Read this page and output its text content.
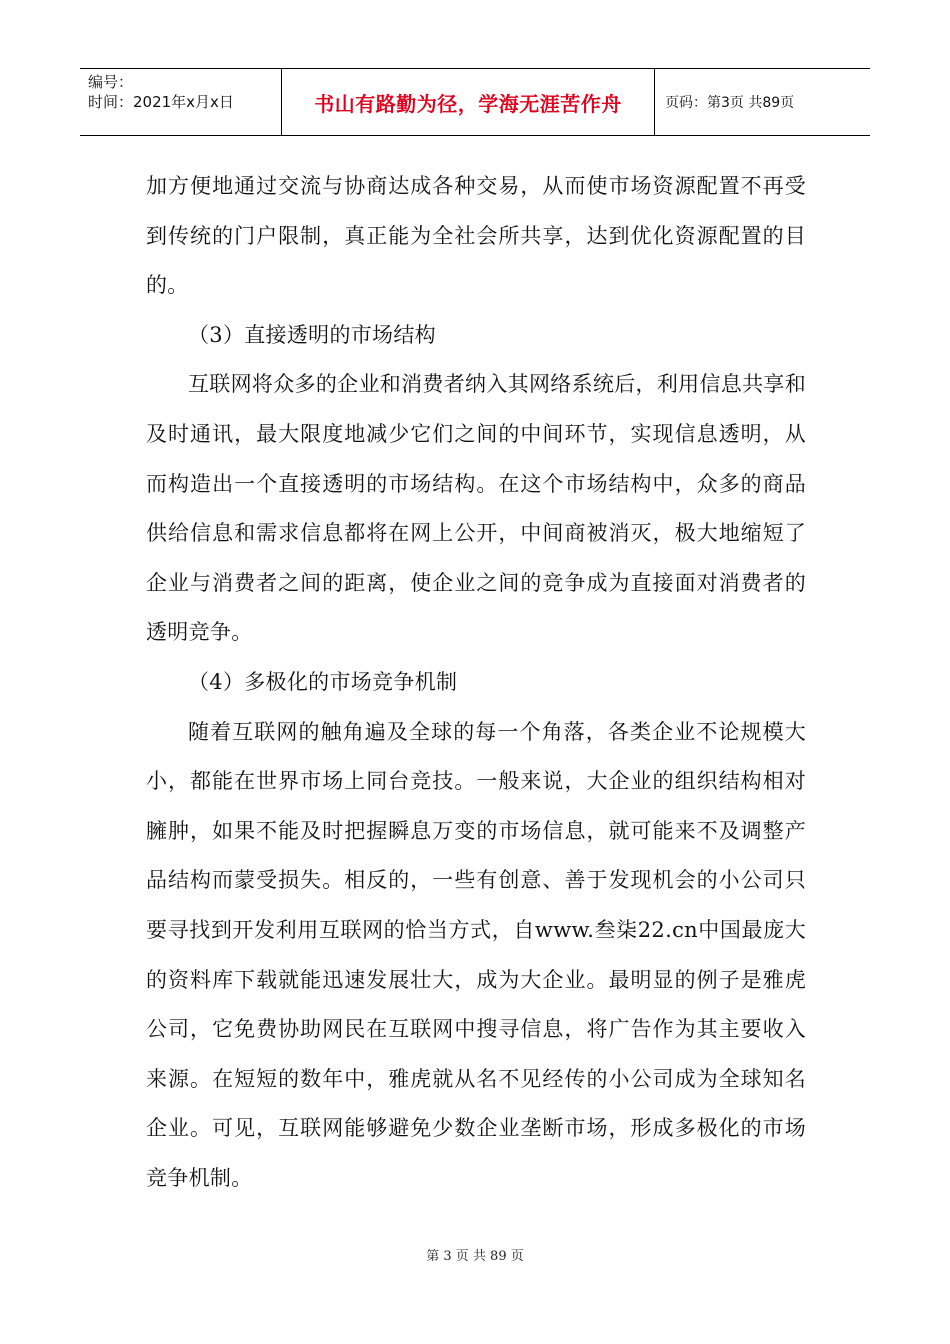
编号：
时间：2021年x月x日	书山有路勤为径，学海无涯苦作舟	页码：第3页 共89页

加方便地通过交流与协商达成各种交易，从而使市场资源配置不再受到传统的门户限制，真正能为全社会所共享，达到优化资源配置的目的。

（3）直接透明的市场结构

互联网将众多的企业和消费者纳入其网络系统后，利用信息共享和及时通讯，最大限度地减少它们之间的中间环节，实现信息透明，从而构造出一个直接透明的市场结构。在这个市场结构中，众多的商品供给信息和需求信息都将在网上公开，中间商被消灭，极大地缩短了企业与消费者之间的距离，使企业之间的竞争成为直接面对消费者的透明竞争。

（4）多极化的市场竞争机制

随着互联网的触角遍及全球的每一个角落，各类企业不论规模大小，都能在世界市场上同台竞技。一般来说，大企业的组织结构相对臃肿，如果不能及时把握瞬息万变的市场信息，就可能来不及调整产品结构而蒙受损失。相反的，一些有创意、善于发现机会的小公司只要寻找到开发利用互联网的恰当方式，自www.叁柒22.cn中国最庞大的资料库下载就能迅速发展壮大，成为大企业。最明显的例子是雅虎公司，它免费协助网民在互联网中搜寻信息，将广告作为其主要收入来源。在短短的数年中，雅虎就从名不见经传的小公司成为全球知名企业。可见，互联网能够避免少数企业垄断市场，形成多极化的市场竞争机制。

第 3 页 共 89 页
